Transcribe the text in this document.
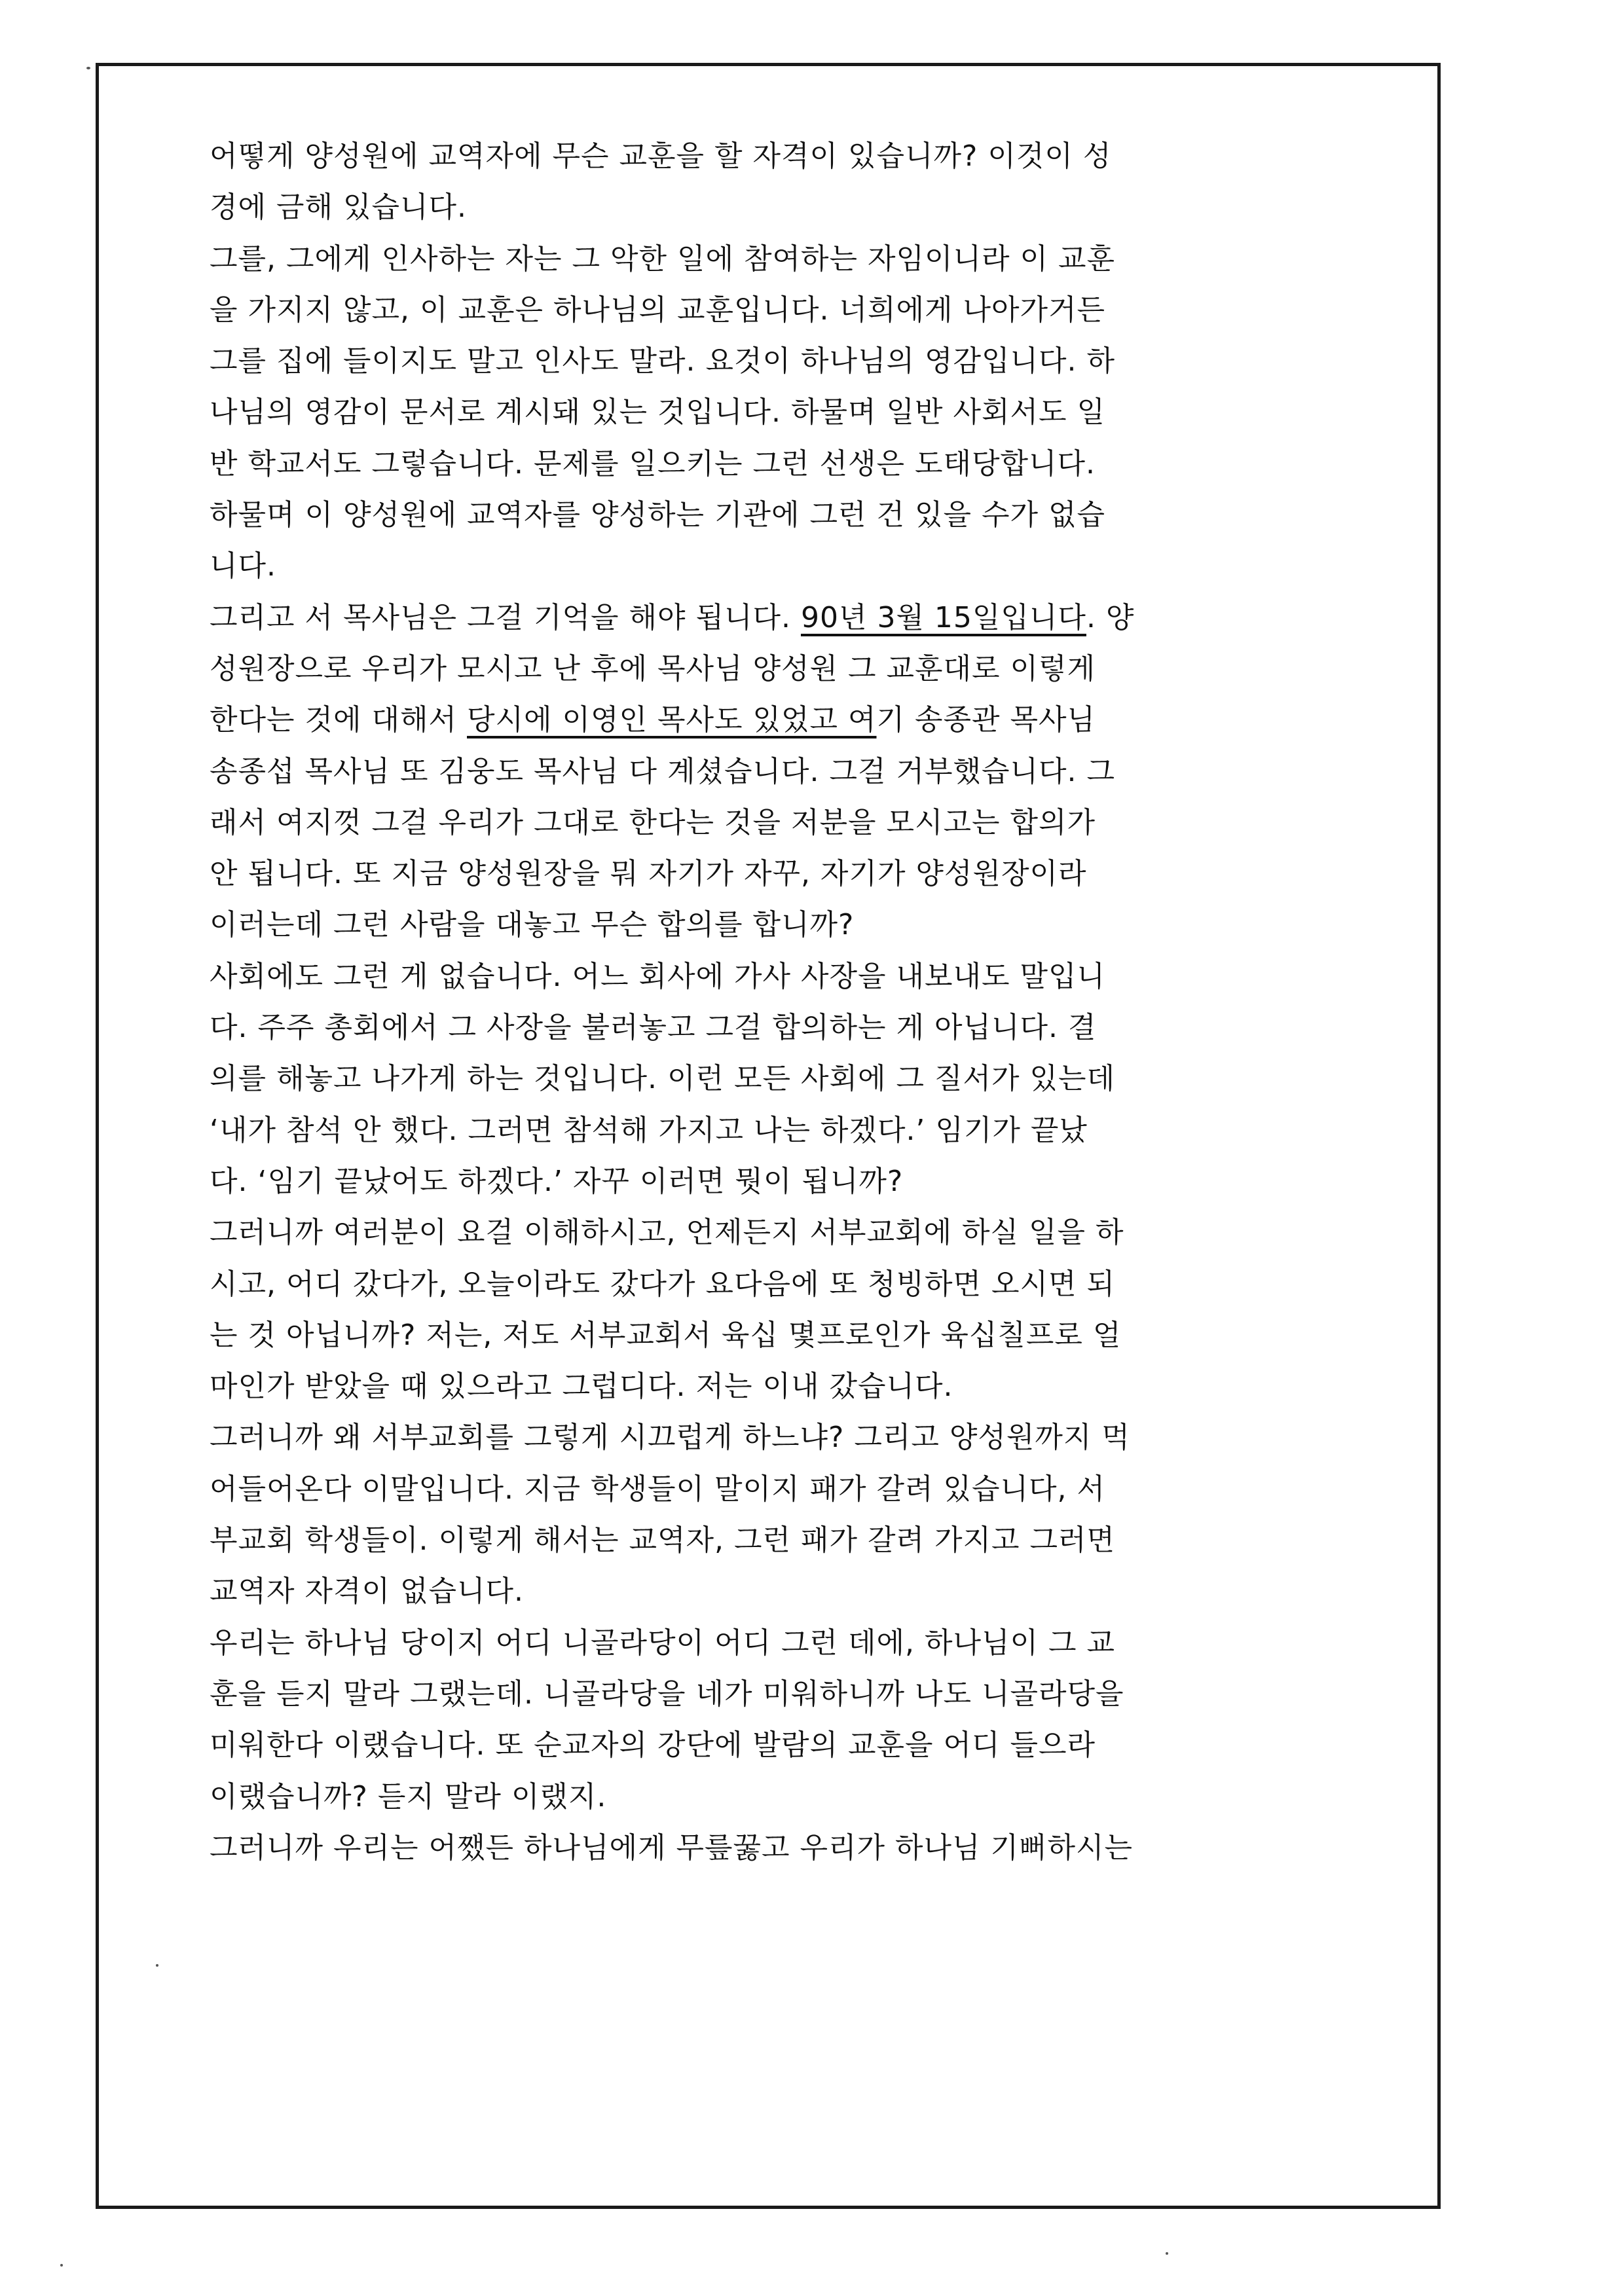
어떻게 양성원에 교역자에 무슨 교훈을 할 자격이 있습니까? 이것이 성
경에 금해 있습니다.
그를, 그에게 인사하는 자는 그 악한 일에 참여하는 자임이니라 이 교훈
을 가지지 않고, 이 교훈은 하나님의 교훈입니다. 너희에게 나아가거든
그를 집에 들이지도 말고 인사도 말라. 요것이 하나님의 영감입니다. 하
나님의 영감이 문서로 계시돼 있는 것입니다. 하물며 일반 사회서도 일
반 학교서도 그렇습니다. 문제를 일으키는 그런 선생은 도태당합니다.
하물며 이 양성원에 교역자를 양성하는 기관에 그런 건 있을 수가 없습
니다.
그리고 서 목사님은 그걸 기억을 해야 됩니다. 90년 3월 15일입니다. 양
성원장으로 우리가 모시고 난 후에 목사님 양성원 그 교훈대로 이렇게
한다는 것에 대해서 당시에 이영인 목사도 있었고 여기 송종관 목사님
송종섭 목사님 또 김웅도 목사님 다 계셨습니다. 그걸 거부했습니다. 그
래서 여지껏 그걸 우리가 그대로 한다는 것을 저분을 모시고는 합의가
안 됩니다. 또 지금 양성원장을 뭐 자기가 자꾸, 자기가 양성원장이라
이러는데 그런 사람을 대놓고 무슨 합의를 합니까?
사회에도 그런 게 없습니다. 어느 회사에 가사 사장을 내보내도 말입니
다. 주주 총회에서 그 사장을 불러놓고 그걸 합의하는 게 아닙니다. 결
의를 해놓고 나가게 하는 것입니다. 이런 모든 사회에 그 질서가 있는데
‘내가 참석 안 했다. 그러면 참석해 가지고 나는 하겠다.’ 임기가 끝났
다. ‘임기 끝났어도 하겠다.’ 자꾸 이러면 뭣이 됩니까?
그러니까 여러분이 요걸 이해하시고, 언제든지 서부교회에 하실 일을 하
시고, 어디 갔다가, 오늘이라도 갔다가 요다음에 또 청빙하면 오시면 되
는 것 아닙니까? 저는, 저도 서부교회서 육십 몇프로인가 육십칠프로 얼
마인가 받았을 때 있으라고 그럽디다. 저는 이내 갔습니다.
그러니까 왜 서부교회를 그렇게 시끄럽게 하느냐? 그리고 양성원까지 먹
어들어온다 이말입니다. 지금 학생들이 말이지 패가 갈려 있습니다, 서
부교회 학생들이. 이렇게 해서는 교역자, 그런 패가 갈려 가지고 그러면
교역자 자격이 없습니다.
우리는 하나님 당이지 어디 니골라당이 어디 그런 데에, 하나님이 그 교
훈을 듣지 말라 그랬는데. 니골라당을 네가 미워하니까 나도 니골라당을
미워한다 이랬습니다. 또 순교자의 강단에 발람의 교훈을 어디 들으라
이랬습니까? 듣지 말라 이랬지.
그러니까 우리는 어쨌든 하나님에게 무릎꿇고 우리가 하나님 기뻐하시는
